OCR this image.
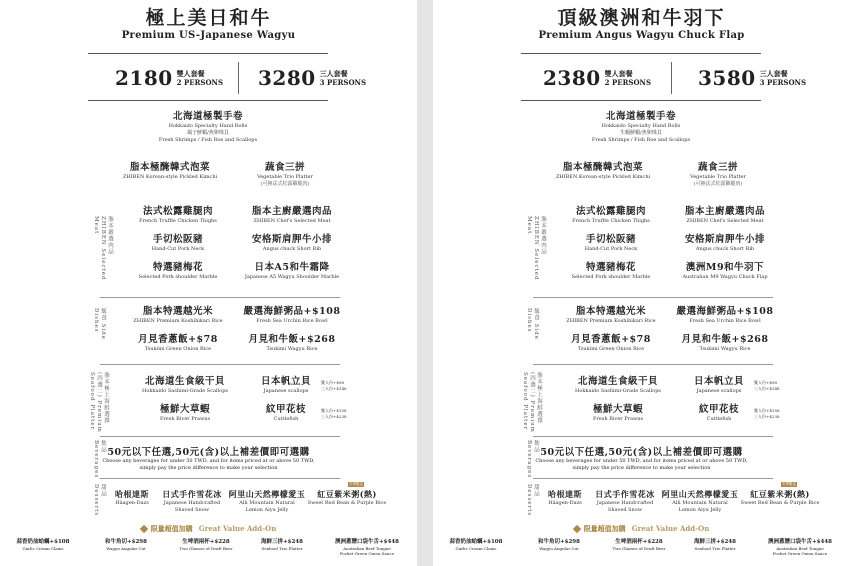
極上美日和牛
Premium US-Japanese Wagyu
2180 雙人套餐
2 PERSONS 3280 三人套餐
3 PERSONS
北海道極製手卷
Hokkaido Specialty Hand Rolls
風子鮮蝦/魚卵珠貝
Fresh Shrimps / Fish Roe and Scallops
脂本極醃韓式泡菜
ZHIBEN Korean-style Pickled Kimchi
蔬食三拼
Vegetable Trio Platter
(可換法式松露雞腿肉)
脂本嚴選肉品 ZHIBEN Selected Meat
法式松露雞腿肉
French Truffle Chicken Thighs
脂本主廚嚴選肉品
ZHIBEN Chef's Selected Meat
手切松阪豬
Hand-Cut Pork Neck
安格斯肩胛牛小排
Angus chuck Short Rib
特選豬梅花
Selected Pork shoulder Marble
日本A5和牛霜降
Japanese A5 Wagyu Shoulder Marble
飯食 Side Dishes	脂本特選越光米
ZHIBEN Premium Koshihikari Rice
嚴選海鮮粥品+$108
Fresh Sea Urchin Rice Bowl
月見香蔥飯+$78
Tsukimi Green Onion Rice
月見和牛飯+$268
Tsukimi Wagyu Rice
脂本極上海鮮選擇 (四選二) Premium Seafood Platter	北海道生食級干貝
Hokkaido Sashimi-Grade Scallops
日本帆立貝
Japanese scallops
雙人份+$98
三人份+$148
極鮮大草蝦
Fresh River Prawns
紋甲花枝
Cuttlefish
雙人份+$158
三人份+$238
飲品 Beverages 50元以下任選,50元(含)以上補差價即可選購
Choose any beverages for under 50 TWD, and for items priced at or above 50 TWD,
simply pay the price difference to make your selection
甜品 Desserts	哈根達斯
Häagen-Dazs
日式手作雪花冰
Japanese Handcrafted
Shaved Snow
阿里山天然檸檬愛玉
Alli Mountain Natural
Lemon Aiyu Jelly
冬季限定
紅豆紫米粥(熱)
Sweet Red Bean & Purple Rice
限量超值加購 Great Value Add-On
蒜香奶油蛤蠣+$108
Garlic Cream Clams
和牛角切+$298
Wagyu Angular Cut
生啤酒兩杯+$228
Two Glasses of Draft Beer
海鮮三拼+$248
Seafood Trio Platter
澳洲蔥鹽口袋牛舌+$448
Australian Beef Tongue
Pocket Green Onion Sauce
頂級澳洲和牛羽下
Premium Angus Wagyu Chuck Flap
2380 雙人套餐
2 PERSONS 3580 三人套餐
3 PERSONS
北海道極製手卷
Hokkaido Specialty Hand Rolls
生蝦鮮蝦/魚卵珠貝
Fresh Shrimps / Fish Roe and Scallops
脂本極醃韓式泡菜
ZHIBEN Korean-style Pickled Kimchi
蔬食三拼
Vegetable Trio Platter
(可換法式松露雞腿肉)
脂本嚴選肉品 ZHIBEN Selected Meat
法式松露雞腿肉
French Truffle Chicken Thighs
脂本主廚嚴選肉品
ZHIBEN Chef's Selected Meat
手切松阪豬
Hand-Cut Pork Neck
安格斯肩胛牛小排
Angus chuck Short Rib
特選豬梅花
Selected Pork shoulder Marble
澳洲M9和牛羽下
Australian M9 Wagyu Chuck Flap
飯食 Side Dishes	脂本特選越光米
ZHIBEN Premium Koshihikari Rice
嚴選海鮮粥品+$108
Fresh Sea Urchin Rice Bowl
月見香蔥飯+$78
Tsukimi Green Onion Rice
月見和牛飯+$268
Tsukimi Wagyu Rice
脂本極上海鮮選擇 (四選二) Premium Seafood Platter	北海道生食級干貝
Hokkaido Sashimi-Grade Scallops
日本帆立貝
Japanese scallops
雙人份+$98
三人份+$148
極鮮大草蝦
Fresh River Prawns
紋甲花枝
Cuttlefish
雙人份+$158
三人份+$238
飲品 Beverages 50元以下任選,50元(含)以上補差價即可選購
Choose any beverages for under 50 TWD, and for items priced at or above 50 TWD,
simply pay the price difference to make your selection
甜品 Desserts	哈根達斯
Häagen-Dazs
日式手作雪花冰
Japanese Handcrafted
Shaved Snow
阿里山天然檸檬愛玉
Alli Mountain Natural
Lemon Aiyu Jelly
冬季限定
紅豆紫米粥(熱)
Sweet Red Bean & Purple Rice
限量超值加購 Great Value Add-On
蒜香奶油蛤蠣+$108
Garlic Cream Clams
和牛角切+$298
Wagyu Angular Cut
生啤酒兩杯+$228
Two Glasses of Draft Beer
海鮮三拼+$248
Seafood Trio Platter
澳洲蔥鹽口袋牛舌+$448
Australian Beef Tongue
Pocket Green Onion Sauce
